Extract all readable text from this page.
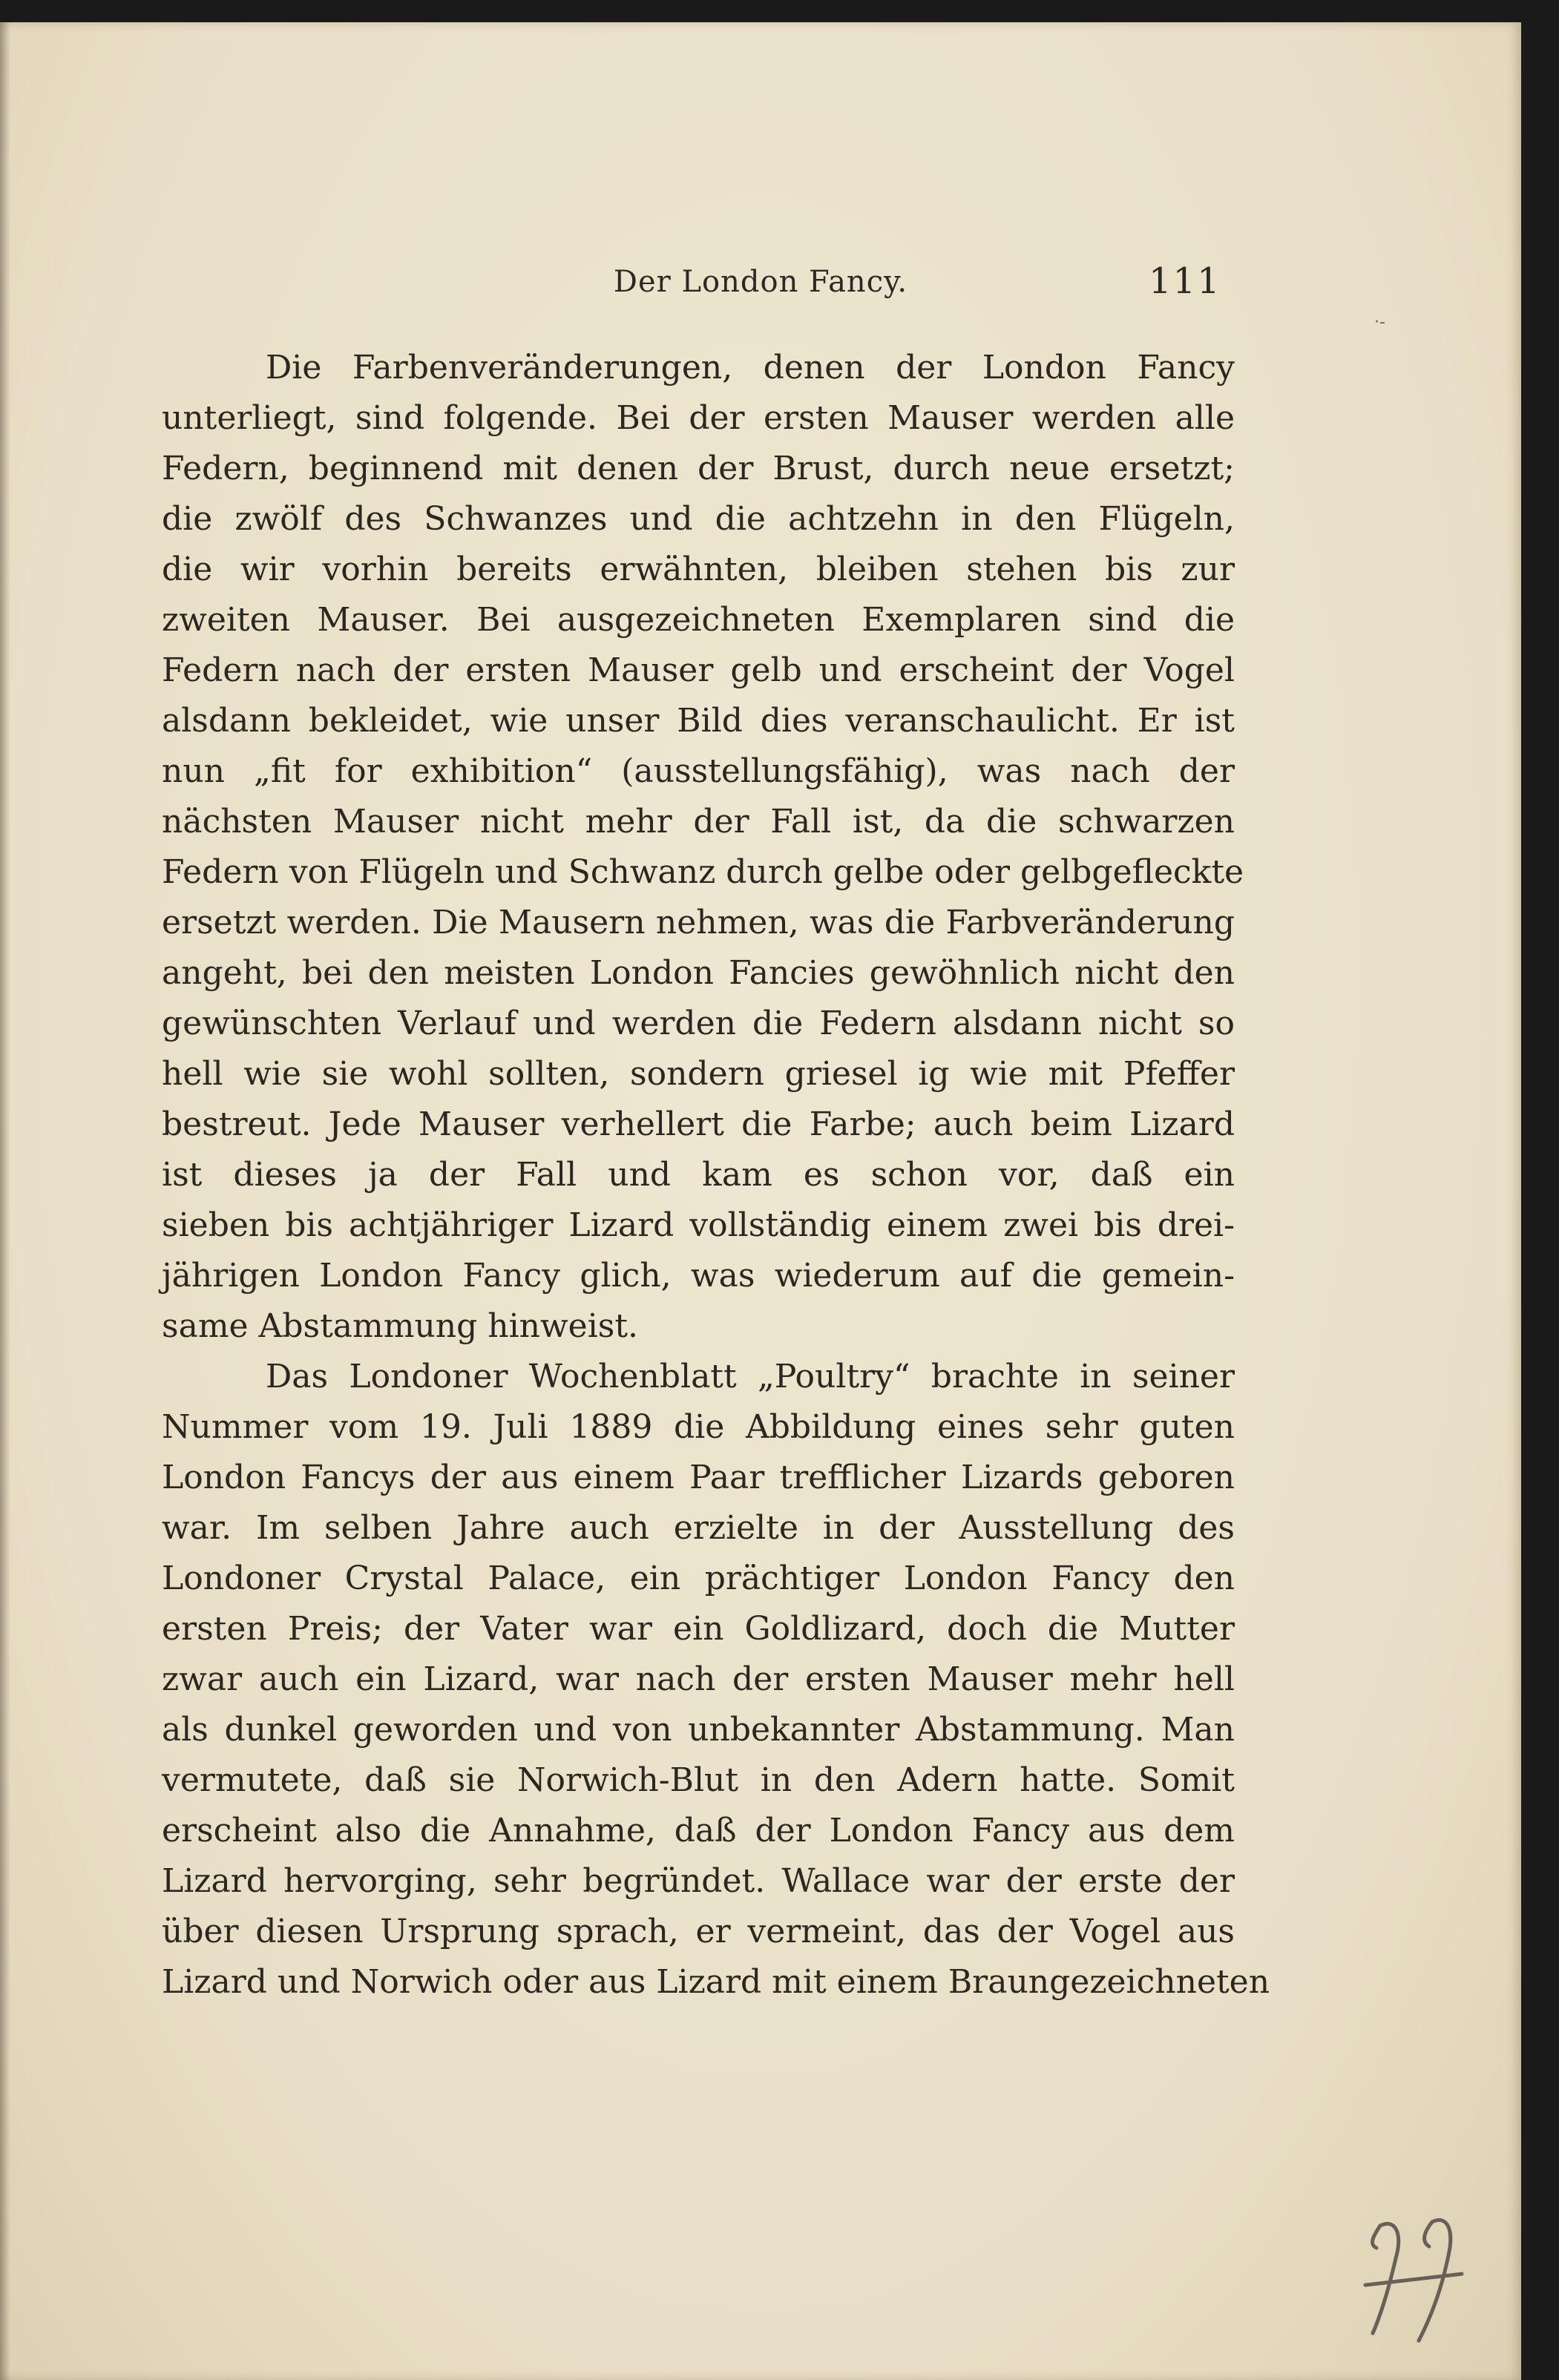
Der London Fancy.	111
·-
Die Farbenveränderungen, denen der London Fancy
unterliegt, sind folgende. Bei der ersten Mauser werden alle
Federn, beginnend mit denen der Brust, durch neue ersetzt;
die zwölf des Schwanzes und die achtzehn in den Flügeln,
die wir vorhin bereits erwähnten, bleiben stehen bis zur
zweiten Mauser. Bei ausgezeichneten Exemplaren sind die
Federn nach der ersten Mauser gelb und erscheint der Vogel
alsdann bekleidet, wie unser Bild dies veranschaulicht. Er ist
nun „fit for exhibition“ (ausstellungsfähig), was nach der
nächsten Mauser nicht mehr der Fall ist, da die schwarzen
Federn von Flügeln und Schwanz durch gelbe oder gelbgefleckte
ersetzt werden. Die Mausern nehmen, was die Farbveränderung
angeht, bei den meisten London Fancies gewöhnlich nicht den
gewünschten Verlauf und werden die Federn alsdann nicht so
hell wie sie wohl sollten, sondern griesel ig wie mit Pfeffer
bestreut. Jede Mauser verhellert die Farbe; auch beim Lizard
ist dieses ja der Fall und kam es schon vor, daß ein
sieben bis achtjähriger Lizard vollständig einem zwei bis drei-
jährigen London Fancy glich, was wiederum auf die gemein-
same Abstammung hinweist.
Das Londoner Wochenblatt „Poultry“ brachte in seiner
Nummer vom 19. Juli 1889 die Abbildung eines sehr guten
London Fancys der aus einem Paar trefflicher Lizards geboren
war. Im selben Jahre auch erzielte in der Ausstellung des
Londoner Crystal Palace, ein prächtiger London Fancy den
ersten Preis; der Vater war ein Goldlizard, doch die Mutter
zwar auch ein Lizard, war nach der ersten Mauser mehr hell
als dunkel geworden und von unbekannter Abstammung. Man
vermutete, daß sie Norwich-Blut in den Adern hatte. Somit
erscheint also die Annahme, daß der London Fancy aus dem
Lizard hervorging, sehr begründet. Wallace war der erste der
über diesen Ursprung sprach, er vermeint, das der Vogel aus
Lizard und Norwich oder aus Lizard mit einem Braungezeichneten
